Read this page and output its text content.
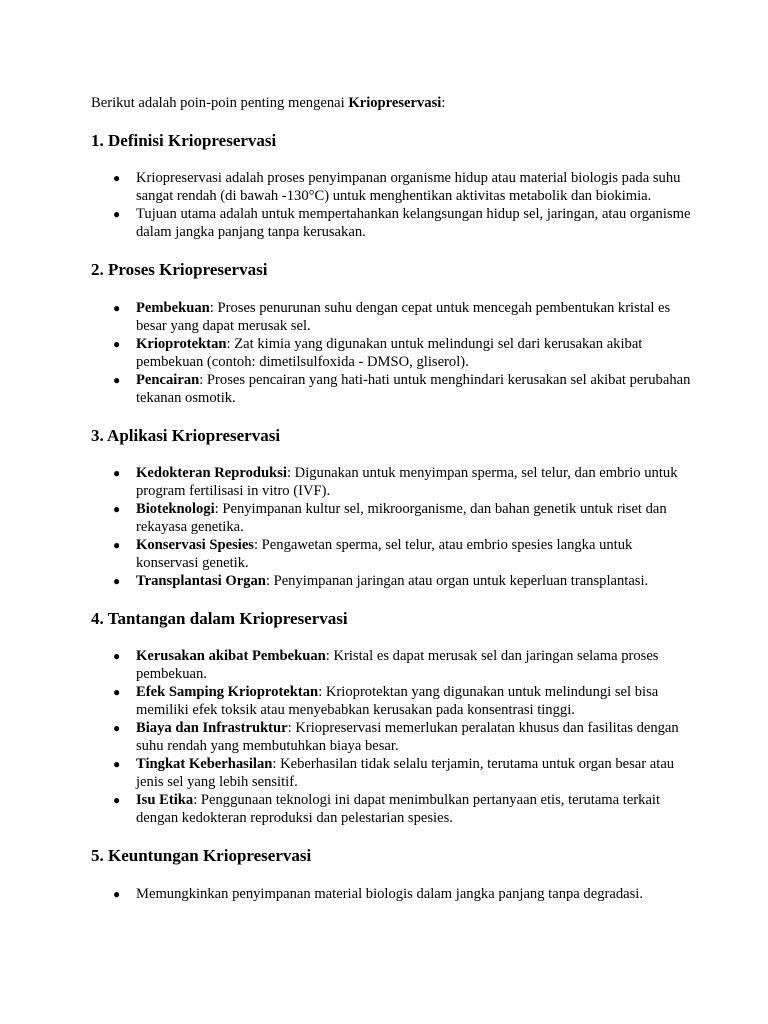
Berikut adalah poin-poin penting mengenai Kriopreservasi:

1. Definisi Kriopreservasi
● Kriopreservasi adalah proses penyimpanan organisme hidup atau material biologis pada suhu sangat rendah (di bawah -130°C) untuk menghentikan aktivitas metabolik dan biokimia.
● Tujuan utama adalah untuk mempertahankan kelangsungan hidup sel, jaringan, atau organisme dalam jangka panjang tanpa kerusakan.
2. Proses Kriopreservasi
● Pembekuan: Proses penurunan suhu dengan cepat untuk mencegah pembentukan kristal es besar yang dapat merusak sel.
● Krioprotektan: Zat kimia yang digunakan untuk melindungi sel dari kerusakan akibat pembekuan (contoh: dimetilsulfoxida - DMSO, gliserol).
● Pencairan: Proses pencairan yang hati-hati untuk menghindari kerusakan sel akibat perubahan tekanan osmotik.
3. Aplikasi Kriopreservasi
● Kedokteran Reproduksi: Digunakan untuk menyimpan sperma, sel telur, dan embrio untuk program fertilisasi in vitro (IVF).
● Bioteknologi: Penyimpanan kultur sel, mikroorganisme, dan bahan genetik untuk riset dan rekayasa genetika.
● Konservasi Spesies: Pengawetan sperma, sel telur, atau embrio spesies langka untuk konservasi genetik.
● Transplantasi Organ: Penyimpanan jaringan atau organ untuk keperluan transplantasi.
4. Tantangan dalam Kriopreservasi
● Kerusakan akibat Pembekuan: Kristal es dapat merusak sel dan jaringan selama proses pembekuan.
● Efek Samping Krioprotektan: Krioprotektan yang digunakan untuk melindungi sel bisa memiliki efek toksik atau menyebabkan kerusakan pada konsentrasi tinggi.
● Biaya dan Infrastruktur: Kriopreservasi memerlukan peralatan khusus dan fasilitas dengan suhu rendah yang membutuhkan biaya besar.
● Tingkat Keberhasilan: Keberhasilan tidak selalu terjamin, terutama untuk organ besar atau jenis sel yang lebih sensitif.
● Isu Etika: Penggunaan teknologi ini dapat menimbulkan pertanyaan etis, terutama terkait dengan kedokteran reproduksi dan pelestarian spesies.
5. Keuntungan Kriopreservasi
● Memungkinkan penyimpanan material biologis dalam jangka panjang tanpa degradasi.
